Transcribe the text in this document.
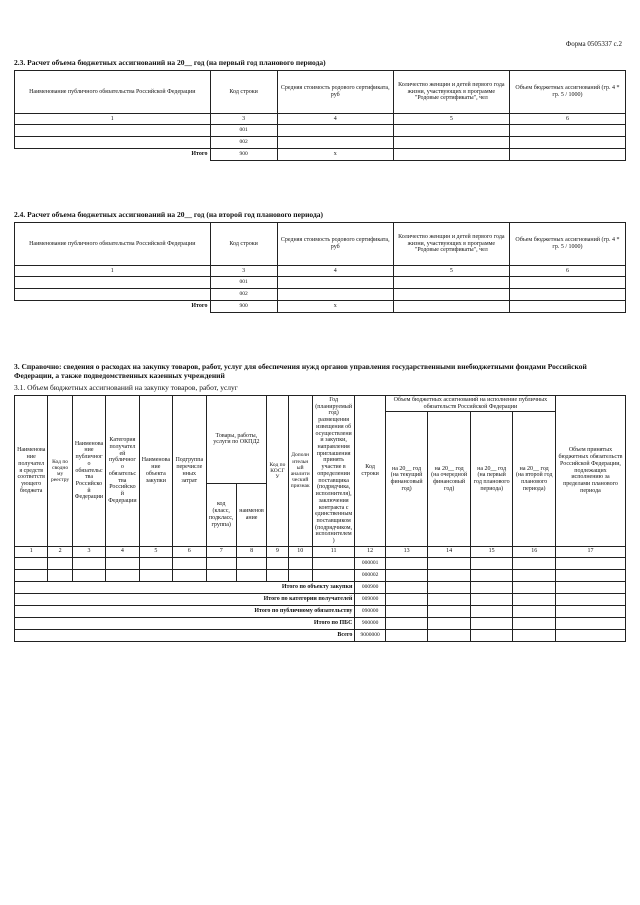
Форма 0505337 с.2
2.3. Расчет объема бюджетных ассигнований на 20__ год (на первый год планового периода)
Наименование публичного обязательства Российской Федерации	Код строки	Средняя стоимость родового сертификата, руб	Количество женщин и детей первого года жизни, участвующих в программе "Родовые сертификаты", чел	Объем бюджетных ассигнований (гр. 4 * гр. 5 / 1000)
1	3	4	5	6
	001			
	002			
Итого	900	x		
2.4. Расчет объема бюджетных ассигнований на 20__ год (на второй год планового периода)
Наименование публичного обязательства Российской Федерации	Код строки	Средняя стоимость родового сертификата, руб	Количество женщин и детей первого года жизни, участвующих в программе "Родовые сертификаты", чел	Объем бюджетных ассигнований (гр. 4 * гр. 5 / 1000)
1	3	4	5	6
	001			
	002			
Итого	900	x		
3. Справочно: сведения о расходах на закупку товаров, работ, услуг для обеспечения нужд органов управления государственными внебюджетными фондами Российской Федерации, а также подведомственных казенных учреждений
3.1. Объем бюджетных ассигнований на закупку товаров, работ, услуг
Наименование получателя средств соответствующего бюджета	Код по сводному реестру	Наименование публичного обязательства Российской Федерации	Категория получателей публичного обязательства Российской Федерации	Наименование объекта закупки	Подгруппа перечисленных затрат	Товары, работы, услуги по ОКПД2		Код по КОСГУ	Дополнительный аналитический признак	Год (планируемый год) размещения извещения об осуществлении закупки, направления приглашения принять участие в определении поставщика (подрядчика, исполнителя), заключения контракта с единственным поставщиком (подрядчиком, исполнителем)	Код строки	Объем бюджетных ассигнований на исполнение публичных обязательств Российской Федерации				Объем принятых бюджетных обязательств Российской Федерации, подлежащих исполнению за пределами планового периода
												на 20__ год (на текущий финансовый год)	на 20__ год (на очередной финансовый год)	на 20__ год (на первый год планового периода)	на 20__ год (на второй год планового периода)	
						код (класс, подкласс, группа)	наименование									
1	2	3	4	5	6	7	8	9	10	11	12	13	14	15	16	17
											000001					
											000002					
Итого по объекту закупки											000900					
Итого по категории получателей											009000					
Итого по публичному обязательству											090000					
Итого по ПБС											900000					
Всего											9000000					
